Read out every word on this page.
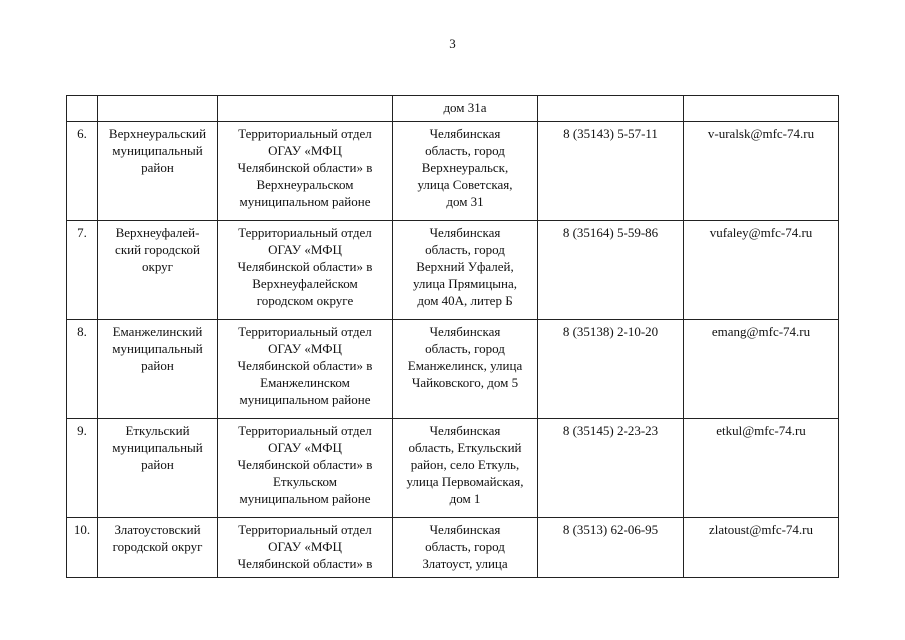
3
			дом 31а		
6.	Верхнеуральский
муниципальный
район	Территориальный отдел
ОГАУ «МФЦ
Челябинской области» в
Верхнеуральском
муниципальном районе	Челябинская
область, город
Верхнеуральск,
улица Советская,
дом 31	8 (35143) 5-57-11	v-uralsk@mfc-74.ru
7.	Верхнеуфалей-
ский городской
округ	Территориальный отдел
ОГАУ «МФЦ
Челябинской области» в
Верхнеуфалейском
городском округе	Челябинская
область, город
Верхний Уфалей,
улица Прямицына,
дом 40А, литер Б	8 (35164) 5-59-86	vufaley@mfc-74.ru
8.	Еманжелинский
муниципальный
район	Территориальный отдел
ОГАУ «МФЦ
Челябинской области» в
Еманжелинском
муниципальном районе	Челябинская
область, город
Еманжелинск, улица
Чайковского, дом 5	8 (35138) 2-10-20	emang@mfc-74.ru
9.	Еткульский
муниципальный
район	Территориальный отдел
ОГАУ «МФЦ
Челябинской области» в
Еткульском
муниципальном районе	Челябинская
область, Еткульский
район, село Еткуль,
улица Первомайская,
дом 1	8 (35145) 2-23-23	etkul@mfc-74.ru
10.	Златоустовский
городской округ	Территориальный отдел
ОГАУ «МФЦ
Челябинской области» в	Челябинская
область, город
Златоуст, улица	8 (3513) 62-06-95	zlatoust@mfc-74.ru
